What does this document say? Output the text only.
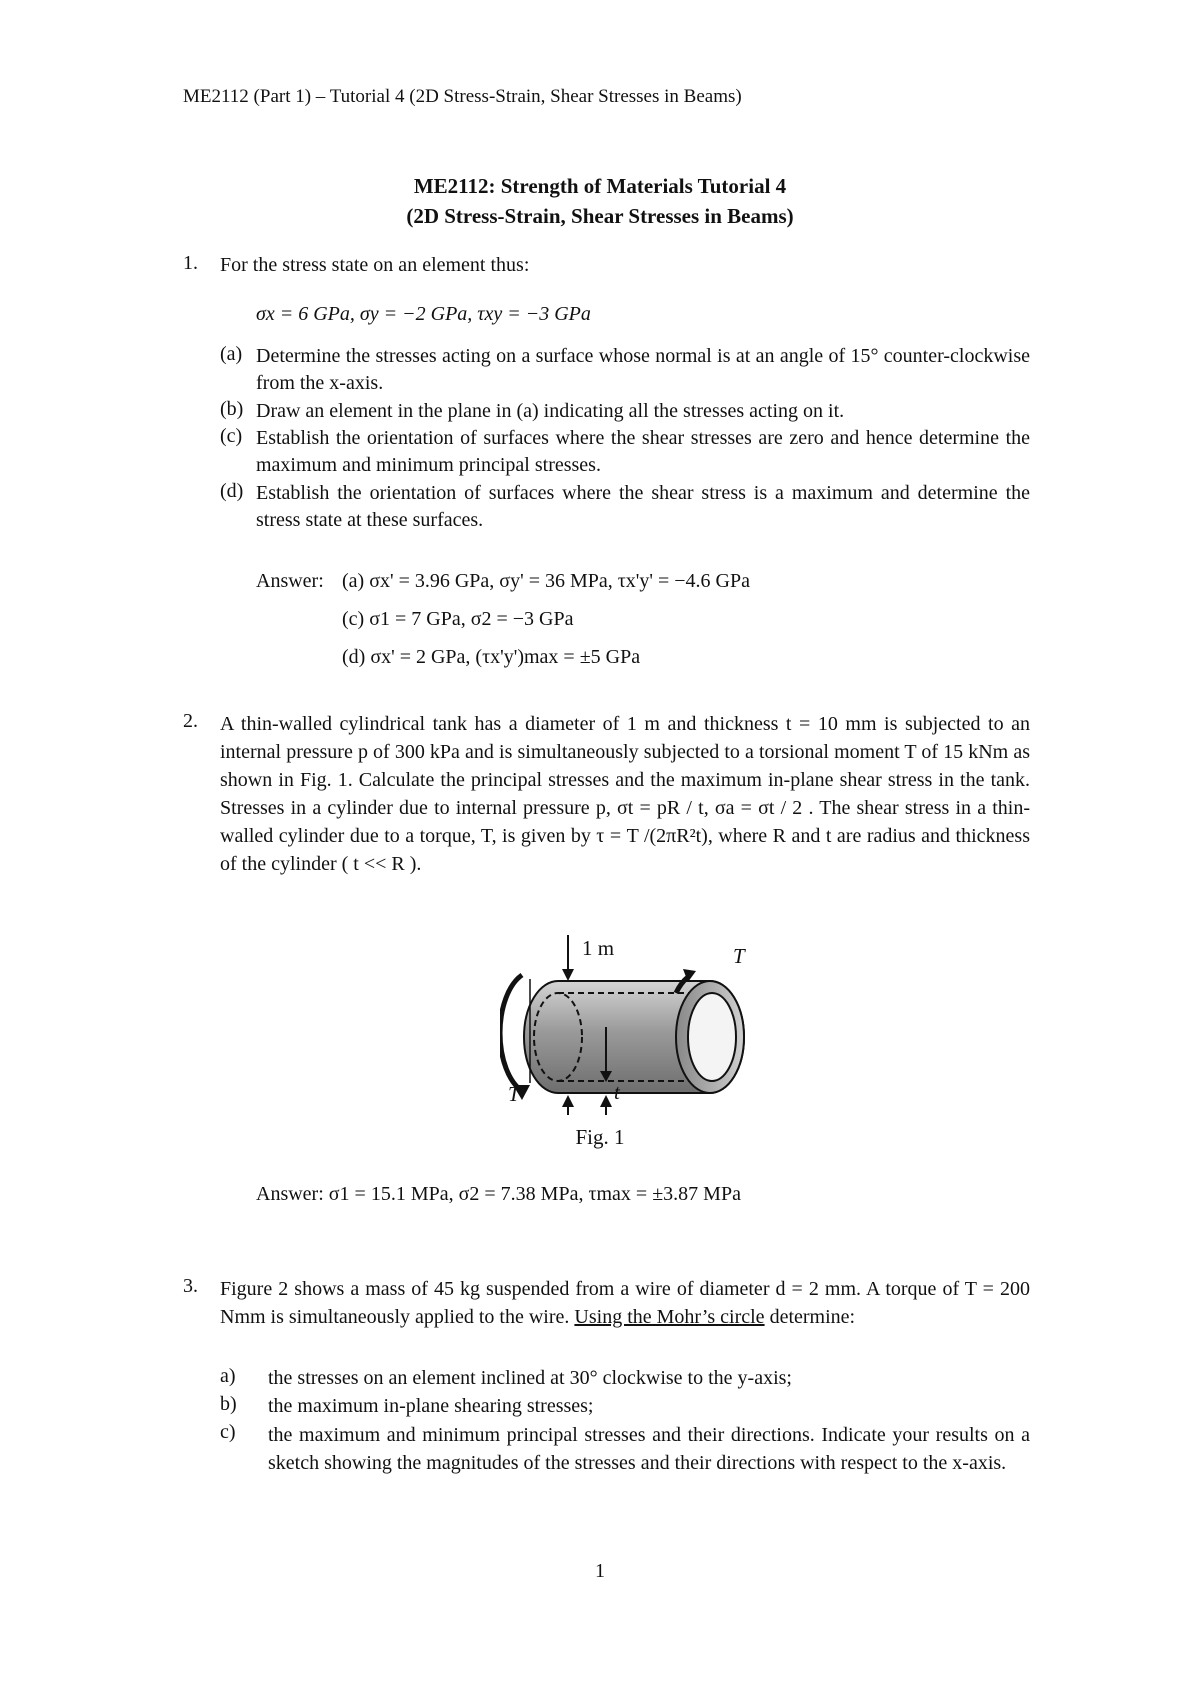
ME2112 (Part 1) – Tutorial 4 (2D Stress-Strain, Shear Stresses in Beams)
ME2112: Strength of Materials Tutorial 4
(2D Stress-Strain, Shear Stresses in Beams)
1. For the stress state on an element thus:
σx = 6 GPa, σy = −2 GPa, τxy = −3 GPa
(a) Determine the stresses acting on a surface whose normal is at an angle of 15° counter-clockwise from the x-axis.
(b) Draw an element in the plane in (a) indicating all the stresses acting on it.
(c) Establish the orientation of surfaces where the shear stresses are zero and hence determine the maximum and minimum principal stresses.
(d) Establish the orientation of surfaces where the shear stress is a maximum and determine the stress state at these surfaces.
Answer: (a) σx' = 3.96 GPa, σy' = 36 MPa, τx'y' = −4.6 GPa
(c) σ1 = 7 GPa, σ2 = −3 GPa
(d) σx' = 2 GPa, (τx'y')max = ±5 GPa
2. A thin-walled cylindrical tank has a diameter of 1 m and thickness t = 10 mm is subjected to an internal pressure p of 300 kPa and is simultaneously subjected to a torsional moment T of 15 kNm as shown in Fig. 1. Calculate the principal stresses and the maximum in-plane shear stress in the tank. Stresses in a cylinder due to internal pressure p, σt = pR / t, σa = σt / 2 . The shear stress in a thin-walled cylinder due to a torque, T, is given by τ = T /(2πR²t), where R and t are radius and thickness of the cylinder ( t << R ).
1 m	T
T	t
Fig. 1
Answer: σ1 = 15.1 MPa, σ2 = 7.38 MPa, τmax = ±3.87 MPa
3. Figure 2 shows a mass of 45 kg suspended from a wire of diameter d = 2 mm. A torque of T = 200 Nmm is simultaneously applied to the wire. Using the Mohr’s circle determine:
a) the stresses on an element inclined at 30° clockwise to the y-axis;
b) the maximum in-plane shearing stresses;
c) the maximum and minimum principal stresses and their directions. Indicate your results on a sketch showing the magnitudes of the stresses and their directions with respect to the x-axis.
1
